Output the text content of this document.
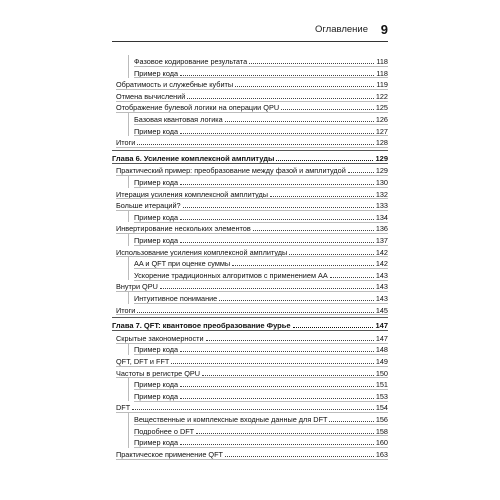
Оглавление 9
Фазовое кодирование результата	118
Пример кода	118
Обратимость и служебные кубиты	119
Отмена вычислений	122
Отображение булевой логики на операции QPU	125
Базовая квантовая логика	126
Пример кода	127
Итоги	128
Глава 6. Усиление комплексной амплитуды	129
Практический пример: преобразование между фазой и амплитудой	129
Пример кода	130
Итерация усиления комплексной амплитуды	132
Больше итераций?	133
Пример кода	134
Инвертирование нескольких элементов	136
Пример кода	137
Использование усиления комплексной амплитуды	142
AA и QFT при оценке суммы	142
Ускорение традиционных алгоритмов с применением AA	143
Внутри QPU	143
Интуитивное понимание	143
Итоги	145
Глава 7. QFT: квантовое преобразование Фурье	147
Скрытые закономерности	147
Пример кода	148
QFT, DFT и FFT	149
Частоты в регистре QPU	150
Пример кода	151
Пример кода	153
DFT	154
Вещественные и комплексные входные данные для DFT	156
Подробнее о DFT	158
Пример кода	160
Практическое применение QFT	163
